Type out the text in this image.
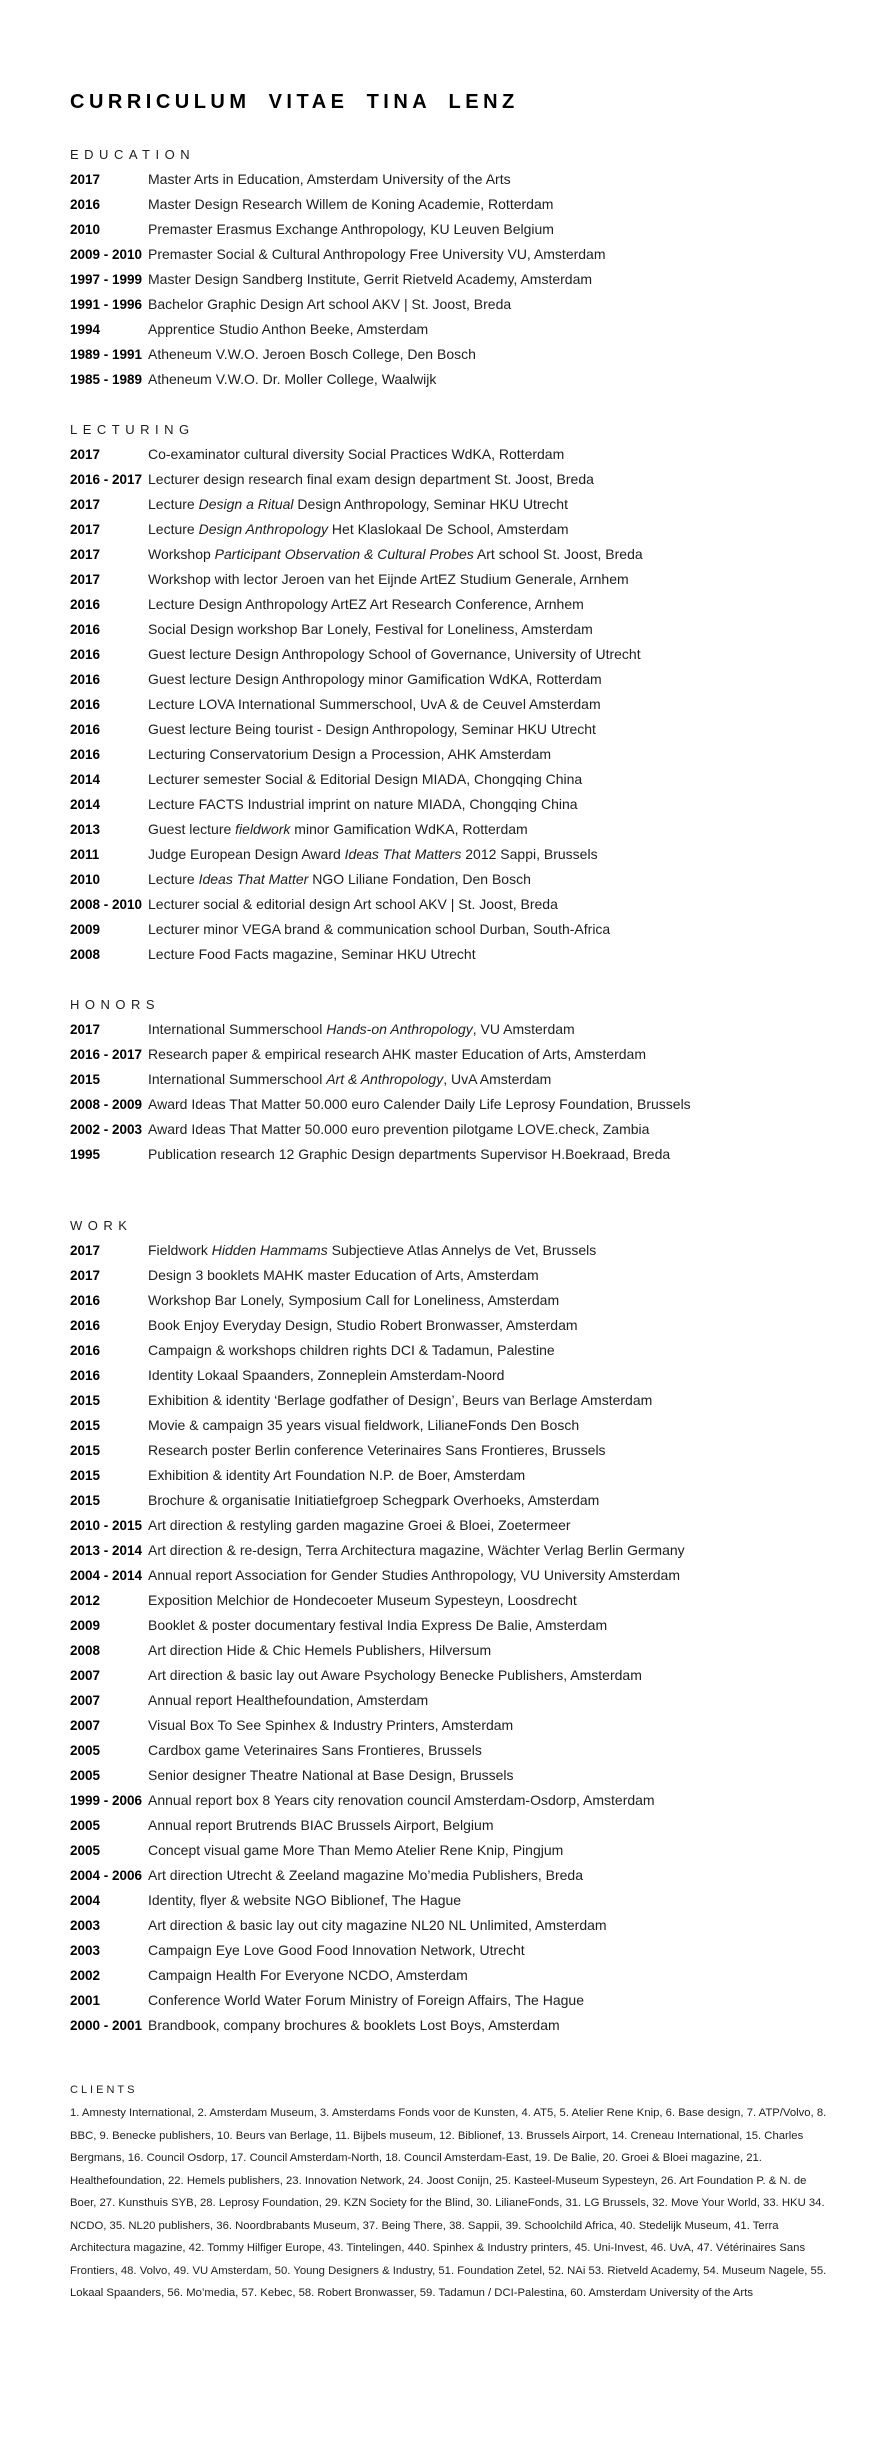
CURRICULUM VITAE TINA LENZ
EDUCATION
2017	Master Arts in Education, Amsterdam University of the Arts
2016	Master Design Research Willem de Koning Academie, Rotterdam
2010	Premaster Erasmus Exchange Anthropology, KU Leuven Belgium
2009 - 2010 Premaster Social & Cultural Anthropology Free University VU, Amsterdam
1997 - 1999 Master Design Sandberg Institute, Gerrit Rietveld Academy, Amsterdam
1991 - 1996 Bachelor Graphic Design Art school AKV | St. Joost, Breda
1994	Apprentice Studio Anthon Beeke, Amsterdam
1989 - 1991 Atheneum V.W.O. Jeroen Bosch College, Den Bosch
1985 - 1989 Atheneum V.W.O. Dr. Moller College, Waalwijk
LECTURING
2017	Co-examinator cultural diversity Social Practices WdKA, Rotterdam
2016 - 2017 Lecturer design research final exam design department St. Joost, Breda
2017	Lecture Design a Ritual Design Anthropology, Seminar HKU Utrecht
2017	Lecture Design Anthropology Het Klaslokaal De School, Amsterdam
2017	Workshop Participant Observation & Cultural Probes Art school St. Joost, Breda
2017	Workshop with lector Jeroen van het Eijnde ArtEZ Studium Generale, Arnhem
2016	Lecture Design Anthropology ArtEZ Art Research Conference, Arnhem
2016	Social Design workshop Bar Lonely, Festival for Loneliness, Amsterdam
2016	Guest lecture Design Anthropology School of Governance, University of Utrecht
2016	Guest lecture Design Anthropology minor Gamification WdKA, Rotterdam
2016	Lecture LOVA International Summerschool, UvA & de Ceuvel Amsterdam
2016	Guest lecture Being tourist - Design Anthropology, Seminar HKU Utrecht
2016	Lecturing Conservatorium Design a Procession, AHK Amsterdam
2014	Lecturer semester Social & Editorial Design MIADA, Chongqing China
2014	Lecture FACTS Industrial imprint on nature MIADA, Chongqing China
2013	Guest lecture fieldwork minor Gamification WdKA, Rotterdam
2011	Judge European Design Award Ideas That Matters 2012 Sappi, Brussels
2010	Lecture Ideas That Matter NGO Liliane Fondation, Den Bosch
2008 - 2010 Lecturer social & editorial design Art school AKV | St. Joost, Breda
2009	Lecturer minor VEGA brand & communication school Durban, South-Africa
2008	Lecture Food Facts magazine, Seminar HKU Utrecht
HONORS
2017	International Summerschool Hands-on Anthropology, VU Amsterdam
2016 - 2017 Research paper & empirical research AHK master Education of Arts, Amsterdam
2015	International Summerschool Art & Anthropology, UvA Amsterdam
2008 - 2009 Award Ideas That Matter 50.000 euro Calender Daily Life Leprosy Foundation, Brussels
2002 - 2003 Award Ideas That Matter 50.000 euro prevention pilotgame LOVE.check, Zambia
1995	Publication research 12 Graphic Design departments Supervisor H.Boekraad, Breda
WORK
2017	Fieldwork Hidden Hammams Subjectieve Atlas Annelys de Vet, Brussels
2017	Design 3 booklets MAHK master Education of Arts, Amsterdam
2016	Workshop Bar Lonely, Symposium Call for Loneliness, Amsterdam
2016	Book Enjoy Everyday Design, Studio Robert Bronwasser, Amsterdam
2016	Campaign & workshops children rights DCI & Tadamun, Palestine
2016	Identity Lokaal Spaanders, Zonneplein Amsterdam-Noord
2015	Exhibition & identity ‘Berlage godfather of Design’, Beurs van Berlage Amsterdam
2015	Movie & campaign 35 years visual fieldwork, LilianeFonds Den Bosch
2015	Research poster Berlin conference Veterinaires Sans Frontieres, Brussels
2015	Exhibition & identity Art Foundation N.P. de Boer, Amsterdam
2015	Brochure & organisatie Initiatiefgroep Schegpark Overhoeks, Amsterdam
2010 - 2015 Art direction & restyling garden magazine Groei & Bloei, Zoetermeer
2013 - 2014 Art direction & re-design, Terra Architectura magazine, Wächter Verlag Berlin Germany
2004 - 2014 Annual report Association for Gender Studies Anthropology, VU University Amsterdam
2012	Exposition Melchior de Hondecoeter Museum Sypesteyn, Loosdrecht
2009	Booklet & poster documentary festival India Express De Balie, Amsterdam
2008	Art direction Hide & Chic Hemels Publishers, Hilversum
2007	Art direction & basic lay out Aware Psychology Benecke Publishers, Amsterdam
2007	Annual report Healthefoundation, Amsterdam
2007	Visual Box To See Spinhex & Industry Printers, Amsterdam
2005	Cardbox game Veterinaires Sans Frontieres, Brussels
2005	Senior designer Theatre National at Base Design, Brussels
1999 - 2006 Annual report box 8 Years city renovation council Amsterdam-Osdorp, Amsterdam
2005	Annual report Brutrends BIAC Brussels Airport, Belgium
2005	Concept visual game More Than Memo Atelier Rene Knip, Pingjum
2004 - 2006 Art direction Utrecht & Zeeland magazine Mo’media Publishers, Breda
2004	Identity, flyer & website NGO Biblionef, The Hague
2003	Art direction & basic lay out city magazine NL20 NL Unlimited, Amsterdam
2003	Campaign Eye Love Good Food Innovation Network, Utrecht
2002	Campaign Health For Everyone NCDO, Amsterdam
2001	Conference World Water Forum Ministry of Foreign Affairs, The Hague
2000 - 2001 Brandbook, company brochures & booklets Lost Boys, Amsterdam
CLIENTS

1. Amnesty International, 2. Amsterdam Museum, 3. Amsterdams Fonds voor de Kunsten, 4. AT5, 5. Atelier Rene Knip, 6. Base design, 7. ATP/Volvo, 8. BBC, 9. Benecke publishers, 10. Beurs van Berlage, 11. Bijbels museum, 12. Biblionef, 13. Brussels Airport, 14. Creneau International, 15. Charles Bergmans, 16. Council Osdorp, 17. Council Amsterdam-North, 18. Council Amsterdam-East, 19. De Balie, 20. Groei & Bloei magazine, 21. Healthefoundation, 22. Hemels publishers, 23. Innovation Network, 24. Joost Conijn, 25. Kasteel-Museum Sypesteyn, 26. Art Foundation P. & N. de Boer, 27. Kunsthuis SYB, 28. Leprosy Foundation, 29. KZN Society for the Blind, 30. LilianeFonds, 31. LG Brussels, 32. Move Your World, 33. HKU 34. NCDO, 35. NL20 publishers, 36. Noordbrabants Museum, 37. Being There, 38. Sappii, 39. Schoolchild Africa, 40. Stedelijk Museum, 41. Terra Architectura magazine, 42. Tommy Hilfiger Europe, 43. Tintelingen, 440. Spinhex & Industry printers, 45. Uni-Invest, 46. UvA, 47. Vétérinaires Sans Frontiers, 48. Volvo, 49. VU Amsterdam, 50. Young Designers & Industry, 51. Foundation Zetel, 52. NAi 53. Rietveld Academy, 54. Museum Nagele, 55. Lokaal Spaanders, 56. Mo’media, 57. Kebec, 58. Robert Bronwasser, 59. Tadamun / DCI-Palestina, 60. Amsterdam University of the Arts
